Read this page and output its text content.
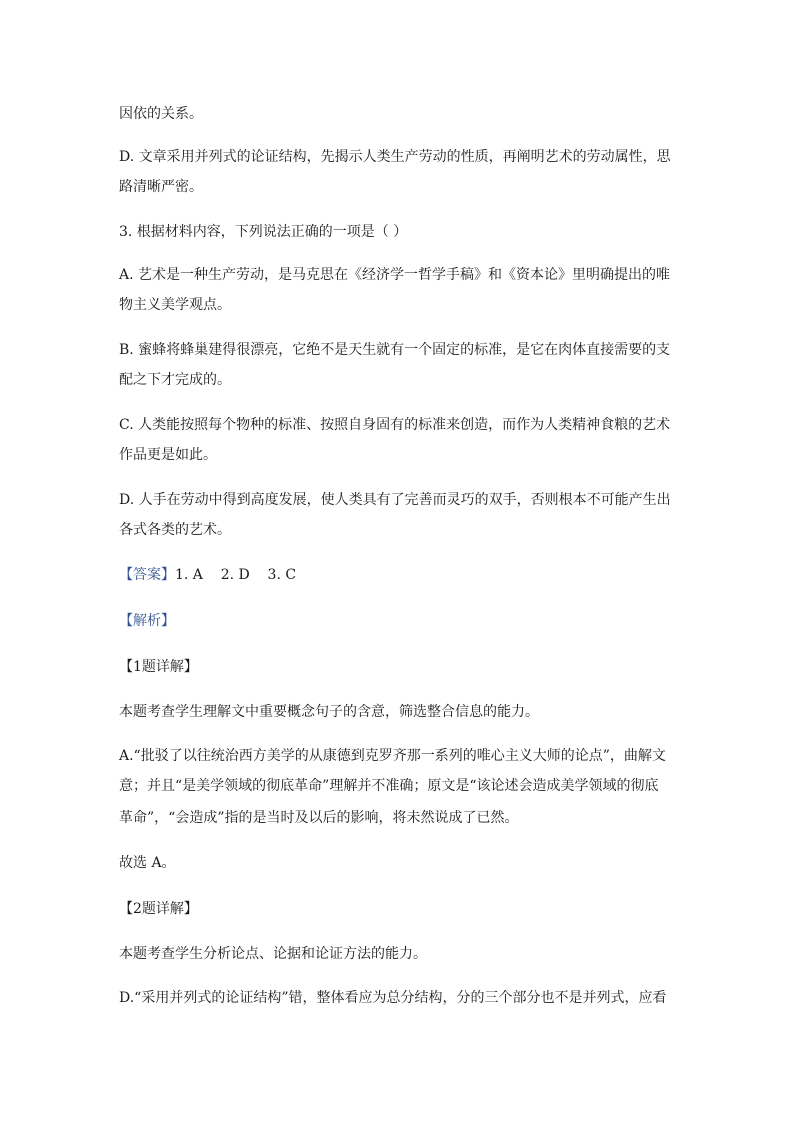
因依的关系。
D. 文章采用并列式的论证结构，先揭示人类生产劳动的性质，再阐明艺术的劳动属性，思
路清晰严密。
3. 根据材料内容，下列说法正确的一项是（ ）
A. 艺术是一种生产劳动，是马克思在《经济学一哲学手稿》和《资本论》里明确提出的唯
物主义美学观点。
B. 蜜蜂将蜂巢建得很漂亮，它绝不是天生就有一个固定的标准，是它在肉体直接需要的支
配之下才完成的。
C. 人类能按照每个物种的标准、按照自身固有的标准来创造，而作为人类精神食粮的艺术
作品更是如此。
D. 人手在劳动中得到高度发展，使人类具有了完善而灵巧的双手，否则根本不可能产生出
各式各类的艺术。
【答案】1. A    2. D    3. C
【解析】
【1题详解】
本题考查学生理解文中重要概念句子的含意，筛选整合信息的能力。
A.“批驳了以往统治西方美学的从康德到克罗齐那一系列的唯心主义大师的论点”，曲解文
意；并且“是美学领域的彻底革命”理解并不准确；原文是“该论述会造成美学领域的彻底
革命”，“会造成”指的是当时及以后的影响，将未然说成了已然。
故选 A。
【2题详解】
本题考查学生分析论点、论据和论证方法的能力。
D.“采用并列式的论证结构”错，整体看应为总分结构，分的三个部分也不是并列式，应看
